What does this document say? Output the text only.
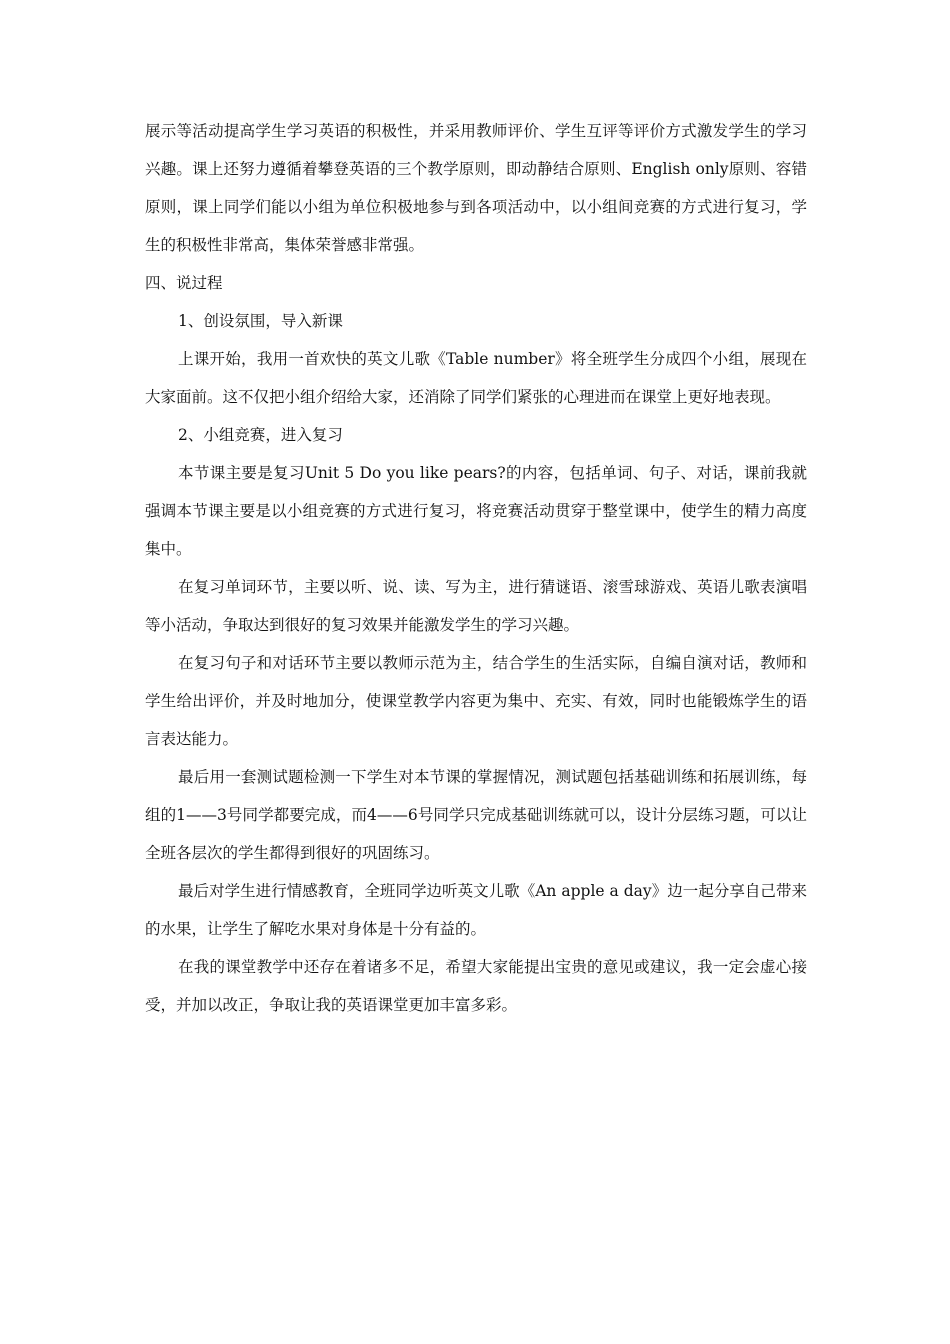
展示等活动提高学生学习英语的积极性，并采用教师评价、学生互评等评价方式激发学生的学习兴趣。课上还努力遵循着攀登英语的三个教学原则，即动静结合原则、English only原则、容错原则，课上同学们能以小组为单位积极地参与到各项活动中，以小组间竞赛的方式进行复习，学生的积极性非常高，集体荣誉感非常强。

四、说过程

1、创设氛围，导入新课

上课开始，我用一首欢快的英文儿歌《Table number》将全班学生分成四个小组，展现在大家面前。这不仅把小组介绍给大家，还消除了同学们紧张的心理进而在课堂上更好地表现。

2、小组竞赛，进入复习

本节课主要是复习Unit 5 Do you like pears?的内容，包括单词、句子、对话，课前我就强调本节课主要是以小组竞赛的方式进行复习，将竞赛活动贯穿于整堂课中，使学生的精力高度集中。

在复习单词环节，主要以听、说、读、写为主，进行猜谜语、滚雪球游戏、英语儿歌表演唱等小活动，争取达到很好的复习效果并能激发学生的学习兴趣。

在复习句子和对话环节主要以教师示范为主，结合学生的生活实际，自编自演对话，教师和学生给出评价，并及时地加分，使课堂教学内容更为集中、充实、有效，同时也能锻炼学生的语言表达能力。

最后用一套测试题检测一下学生对本节课的掌握情况，测试题包括基础训练和拓展训练，每组的1——3号同学都要完成，而4——6号同学只完成基础训练就可以，设计分层练习题，可以让全班各层次的学生都得到很好的巩固练习。

最后对学生进行情感教育，全班同学边听英文儿歌《An apple a day》边一起分享自己带来的水果，让学生了解吃水果对身体是十分有益的。

在我的课堂教学中还存在着诸多不足，希望大家能提出宝贵的意见或建议，我一定会虚心接受，并加以改正，争取让我的英语课堂更加丰富多彩。
